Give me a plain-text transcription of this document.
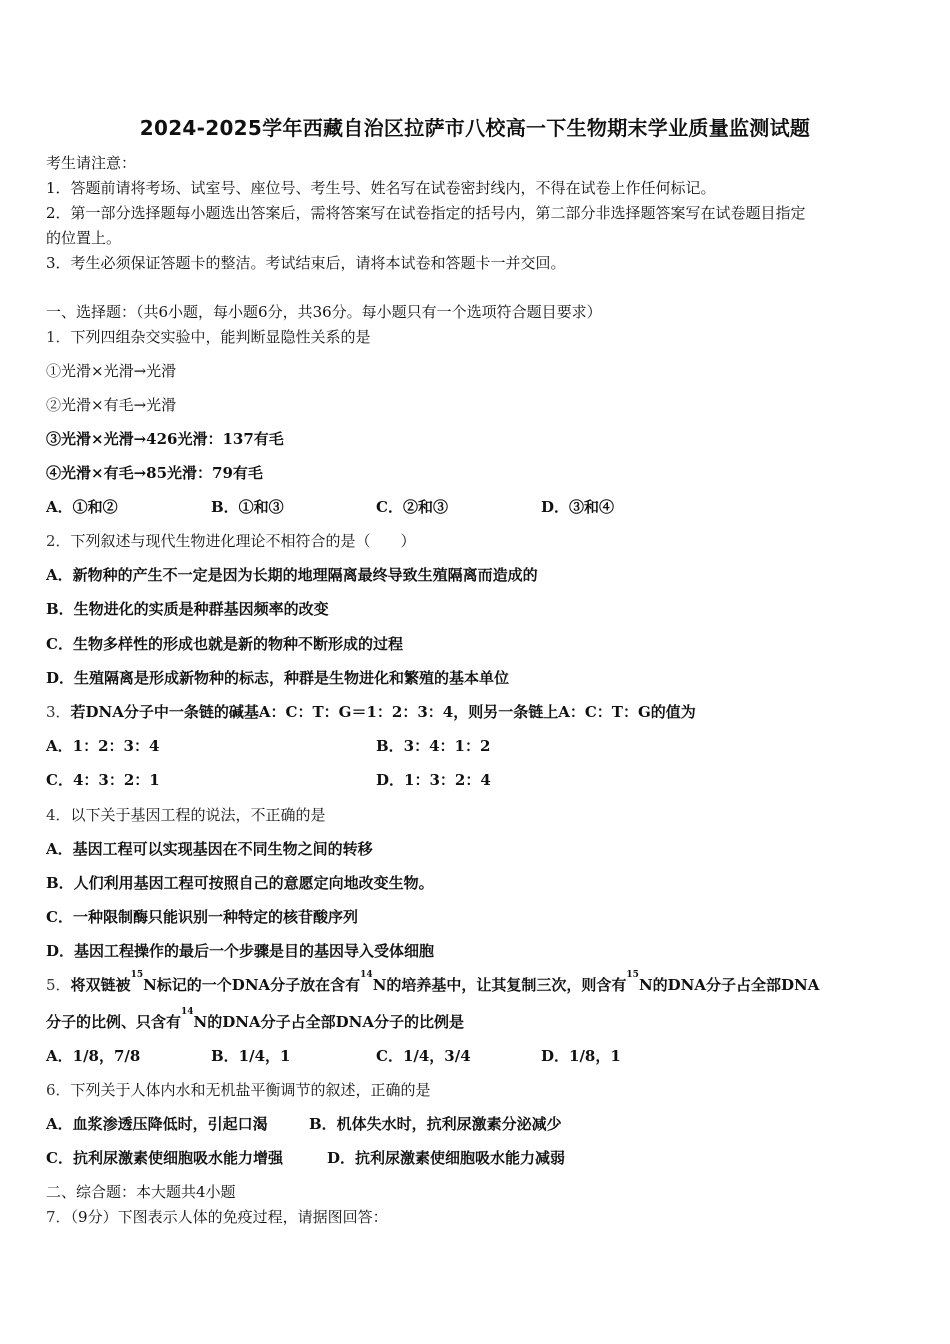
2024-2025学年西藏自治区拉萨市八校高一下生物期末学业质量监测试题
考生请注意：
1．答题前请将考场、试室号、座位号、考生号、姓名写在试卷密封线内，不得在试卷上作任何标记。
2．第一部分选择题每小题选出答案后，需将答案写在试卷指定的括号内，第二部分非选择题答案写在试卷题目指定
的位置上。
3．考生必须保证答题卡的整洁。考试结束后，请将本试卷和答题卡一并交回。
一、选择题：（共6小题，每小题6分，共36分。每小题只有一个选项符合题目要求）
1．下列四组杂交实验中，能判断显隐性关系的是
①光滑×光滑→光滑
②光滑×有毛→光滑
③光滑×光滑→426光滑：137有毛
④光滑×有毛→85光滑：79有毛
A．①和②	B．①和③	C．②和③	D．③和④
2．下列叙述与现代生物进化理论不相符合的是（　　）
A．新物种的产生不一定是因为长期的地理隔离最终导致生殖隔离而造成的
B．生物进化的实质是种群基因频率的改变
C．生物多样性的形成也就是新的物种不断形成的过程
D．生殖隔离是形成新物种的标志，种群是生物进化和繁殖的基本单位
3．若DNA分子中一条链的碱基A：C：T：G＝1：2：3：4，则另一条链上A：C：T：G的值为
A．1：2：3：4	B．3：4：1：2
C．4：3：2：1	D．1：3：2：4
4．以下关于基因工程的说法，不正确的是
A．基因工程可以实现基因在不同生物之间的转移
B．人们利用基因工程可按照自己的意愿定向地改变生物。
C．一种限制酶只能识别一种特定的核苷酸序列
D．基因工程操作的最后一个步骤是目的基因导入受体细胞
5．将双链被$^{15}$N标记的一个DNA分子放在含有$^{14}$N的培养基中，让其复制三次，则含有$^{15}$N的DNA分子占全部DNA
分子的比例、只含有$^{14}$N的DNA分子占全部DNA分子的比例是
A．1/8，7/8	B．1/4，1	C．1/4，3/4	D．1/8，1
6．下列关于人体内水和无机盐平衡调节的叙述，正确的是
A．血浆渗透压降低时，引起口渴	B．机体失水时，抗利尿激素分泌减少
C．抗利尿激素使细胞吸水能力增强	D．抗利尿激素使细胞吸水能力减弱
二、综合题：本大题共4小题
7．（9分）下图表示人体的免疫过程，请据图回答：
